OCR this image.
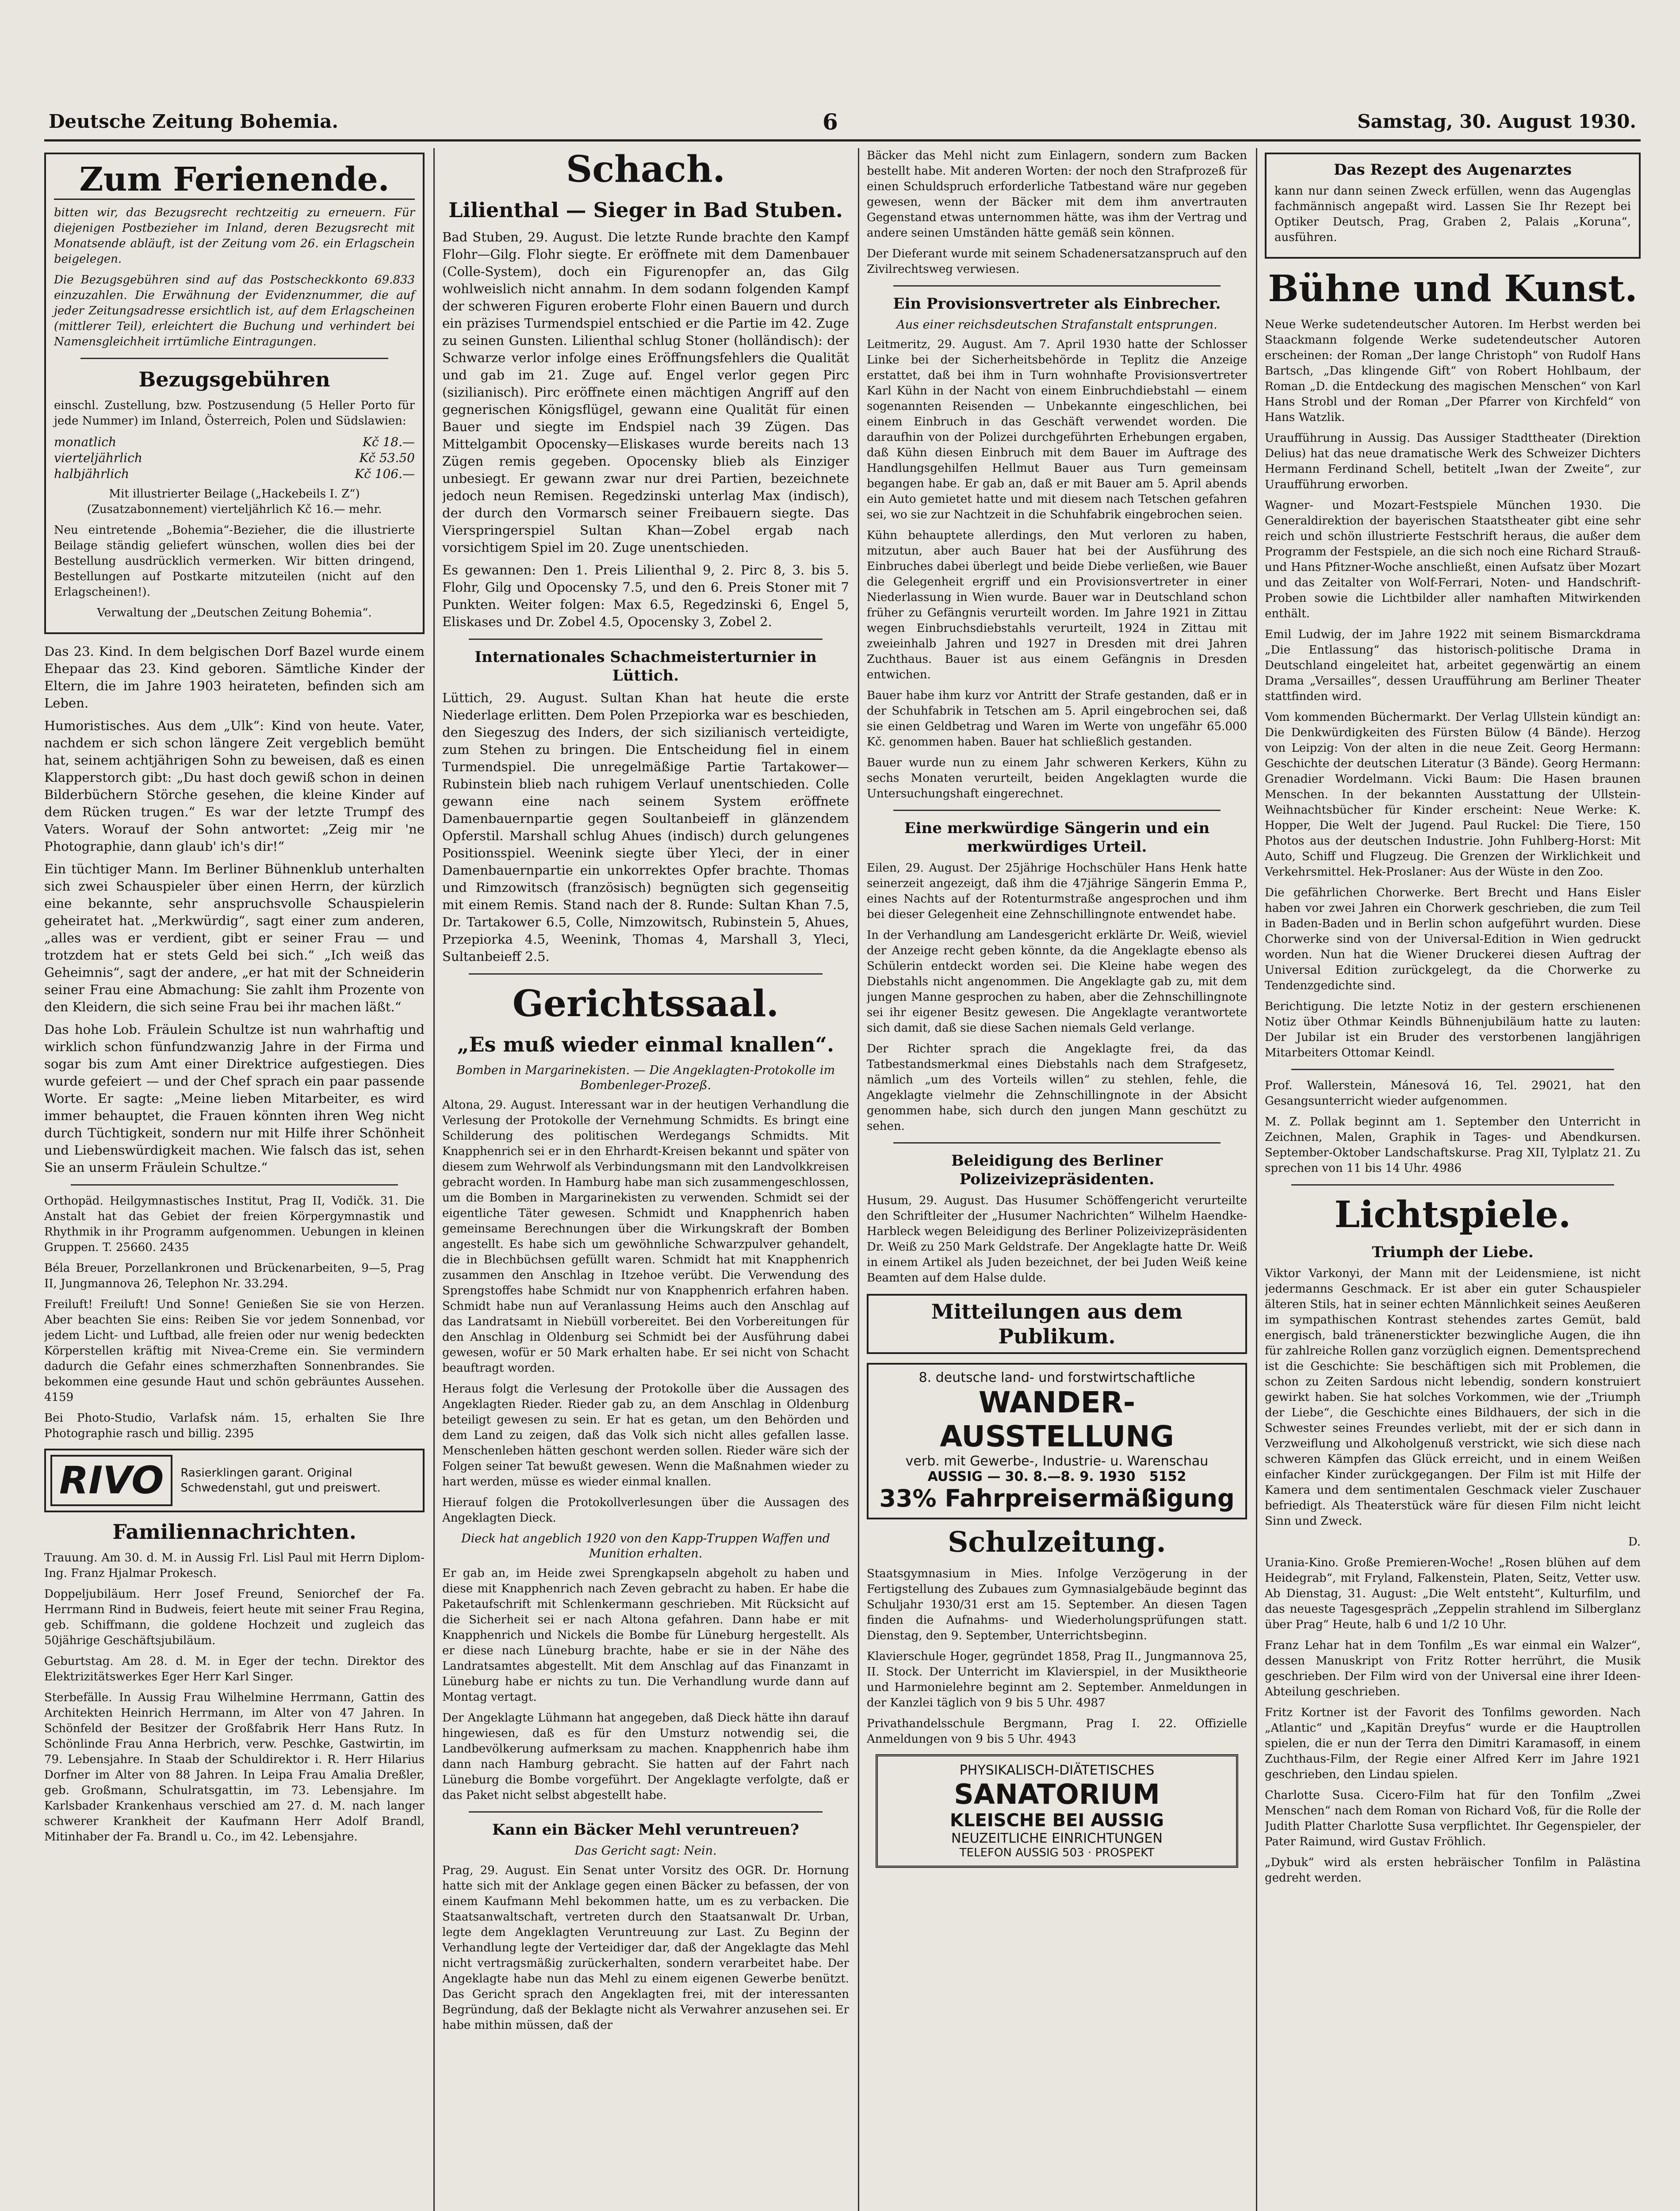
Deutsche Zeitung Bohemia.	6	Samstag, 30. August 1930.
Zum Ferienende.

bitten wir, das Bezugsrecht rechtzeitig zu erneuern. Für diejenigen Postbezieher im Inland, deren Bezugsrecht mit Monatsende abläuft, ist der Zeitung vom 26. ein Erlagschein beigelegen.

Die Bezugsgebühren sind auf das Postscheckkonto 69.833 einzuzahlen. Die Erwähnung der Evidenznummer, die auf jeder Zeitungsadresse ersichtlich ist, auf dem Erlagscheinen (mittlerer Teil), erleichtert die Buchung und verhindert bei Namensgleichheit irrtümliche Eintragungen.

Bezugsgebühren

einschl. Zustellung, bzw. Postzusendung (5 Heller Porto für jede Nummer) im Inland, Österreich, Polen und Südslawien:

monatlich	Kč 18.—
vierteljährlich	Kč 53.50
halbjährlich	Kč 106.—

Mit illustrierter Beilage („Hackebeils I. Z“) (Zusatzabonnement) vierteljährlich Kč 16.— mehr.

Neu eintretende „Bohemia“-Bezieher, die die illustrierte Beilage ständig geliefert wünschen, wollen dies bei der Bestellung ausdrücklich vermerken. Wir bitten dringend, Bestellungen auf Postkarte mitzuteilen (nicht auf den Erlagscheinen!).

Verwaltung der „Deutschen Zeitung Bohemia“.

Das 23. Kind. In dem belgischen Dorf Bazel wurde einem Ehepaar das 23. Kind geboren. Sämtliche Kinder der Eltern, die im Jahre 1903 heirateten, befinden sich am Leben.

Humoristisches. Aus dem „Ulk“: Kind von heute. Vater, nachdem er sich schon längere Zeit vergeblich bemüht hat, seinem achtjährigen Sohn zu beweisen, daß es einen Klapperstorch gibt: „Du hast doch gewiß schon in deinen Bilderbüchern Störche gesehen, die kleine Kinder auf dem Rücken trugen.“ Es war der letzte Trumpf des Vaters. Worauf der Sohn antwortet: „Zeig mir 'ne Photographie, dann glaub' ich's dir!“

Ein tüchtiger Mann. Im Berliner Bühnenklub unterhalten sich zwei Schauspieler über einen Herrn, der kürzlich eine bekannte, sehr anspruchsvolle Schauspielerin geheiratet hat. „Merkwürdig“, sagt einer zum anderen, „alles was er verdient, gibt er seiner Frau — und trotzdem hat er stets Geld bei sich.“ „Ich weiß das Geheimnis“, sagt der andere, „er hat mit der Schneiderin seiner Frau eine Abmachung: Sie zahlt ihm Prozente von den Kleidern, die sich seine Frau bei ihr machen läßt.“

Das hohe Lob. Fräulein Schultze ist nun wahrhaftig und wirklich schon fünfundzwanzig Jahre in der Firma und sogar bis zum Amt einer Direktrice aufgestiegen. Dies wurde gefeiert — und der Chef sprach ein paar passende Worte. Er sagte: „Meine lieben Mitarbeiter, es wird immer behauptet, die Frauen könnten ihren Weg nicht durch Tüchtigkeit, sondern nur mit Hilfe ihrer Schönheit und Liebenswürdigkeit machen. Wie falsch das ist, sehen Sie an unserm Fräulein Schultze.“

Orthopäd. Heilgymnastisches Institut, Prag II, Vodičk. 31. Die Anstalt hat das Gebiet der freien Körpergymnastik und Rhythmik in ihr Programm aufgenommen. Uebungen in kleinen Gruppen. T. 25660. 2435

Béla Breuer, Porzellankronen und Brückenarbeiten, 9—5, Prag II, Jungmannova 26, Telephon Nr. 33.294.

Freiluft! Freiluft! Und Sonne! Genießen Sie sie von Herzen. Aber beachten Sie eins: Reiben Sie vor jedem Sonnenbad, vor jedem Licht- und Luftbad, alle freien oder nur wenig bedeckten Körperstellen kräftig mit Nivea-Creme ein. Sie vermindern dadurch die Gefahr eines schmerzhaften Sonnenbrandes. Sie bekommen eine gesunde Haut und schön gebräuntes Aussehen. 4159

Bei Photo-Studio, Varlafsk nám. 15, erhalten Sie Ihre Photographie rasch und billig. 2395

RIVO	Rasierklingen garant. Original Schwedenstahl, gut und preiswert.
Familiennachrichten.

Trauung. Am 30. d. M. in Aussig Frl. Lisl Paul mit Herrn Diplom-Ing. Franz Hjalmar Prokesch.

Doppeljubiläum. Herr Josef Freund, Seniorchef der Fa. Herrmann Rind in Budweis, feiert heute mit seiner Frau Regina, geb. Schiffmann, die goldene Hochzeit und zugleich das 50jährige Geschäftsjubiläum.

Geburtstag. Am 28. d. M. in Eger der techn. Direktor des Elektrizitätswerkes Eger Herr Karl Singer.

Sterbefälle. In Aussig Frau Wilhelmine Herrmann, Gattin des Architekten Heinrich Herrmann, im Alter von 47 Jahren. In Schönfeld der Besitzer der Großfabrik Herr Hans Rutz. In Schönlinde Frau Anna Herbrich, verw. Peschke, Gastwirtin, im 79. Lebensjahre. In Staab der Schuldirektor i. R. Herr Hilarius Dorfner im Alter von 88 Jahren. In Leipa Frau Amalia Dreßler, geb. Großmann, Schulratsgattin, im 73. Lebensjahre. Im Karlsbader Krankenhaus verschied am 27. d. M. nach langer schwerer Krankheit der Kaufmann Herr Adolf Brandl, Mitinhaber der Fa. Brandl u. Co., im 42. Lebensjahre.

Schach.
Lilienthal — Sieger in Bad Stuben.

Bad Stuben, 29. August. Die letzte Runde brachte den Kampf Flohr—Gilg. Flohr siegte. Er eröffnete mit dem Damenbauer (Colle-System), doch ein Figurenopfer an, das Gilg wohlweislich nicht annahm. In dem sodann folgenden Kampf der schweren Figuren eroberte Flohr einen Bauern und durch ein präzises Turmendspiel entschied er die Partie im 42. Zuge zu seinen Gunsten. Lilienthal schlug Stoner (holländisch): der Schwarze verlor infolge eines Eröffnungsfehlers die Qualität und gab im 21. Zuge auf. Engel verlor gegen Pirc (sizilianisch). Pirc eröffnete einen mächtigen Angriff auf den gegnerischen Königsflügel, gewann eine Qualität für einen Bauer und siegte im Endspiel nach 39 Zügen. Das Mittelgambit Opocensky—Eliskases wurde bereits nach 13 Zügen remis gegeben. Opocensky blieb als Einziger unbesiegt. Er gewann zwar nur drei Partien, bezeichnete jedoch neun Remisen. Regedzinski unterlag Max (indisch), der durch den Vormarsch seiner Freibauern siegte. Das Vierspringerspiel Sultan Khan—Zobel ergab nach vorsichtigem Spiel im 20. Zuge unentschieden.

Es gewannen: Den 1. Preis Lilienthal 9, 2. Pirc 8, 3. bis 5. Flohr, Gilg und Opocensky 7.5, und den 6. Preis Stoner mit 7 Punkten. Weiter folgen: Max 6.5, Regedzinski 6, Engel 5, Eliskases und Dr. Zobel 4.5, Opocensky 3, Zobel 2.

Internationales Schachmeisterturnier in Lüttich.

Lüttich, 29. August. Sultan Khan hat heute die erste Niederlage erlitten. Dem Polen Przepiorka war es beschieden, den Siegeszug des Inders, der sich sizilianisch verteidigte, zum Stehen zu bringen. Die Entscheidung fiel in einem Turmendspiel. Die unregelmäßige Partie Tartakower—Rubinstein blieb nach ruhigem Verlauf unentschieden. Colle gewann eine nach seinem System eröffnete Damenbauernpartie gegen Soultanbeieff in glänzendem Opferstil. Marshall schlug Ahues (indisch) durch gelungenes Positionsspiel. Weenink siegte über Yleci, der in einer Damenbauernpartie ein unkorrektes Opfer brachte. Thomas und Rimzowitsch (französisch) begnügten sich gegenseitig mit einem Remis. Stand nach der 8. Runde: Sultan Khan 7.5, Dr. Tartakower 6.5, Colle, Nimzowitsch, Rubinstein 5, Ahues, Przepiorka 4.5, Weenink, Thomas 4, Marshall 3, Yleci, Sultanbeieff 2.5.

Gerichtssaal.
„Es muß wieder einmal knallen“.
Bomben in Margarinekisten. — Die Angeklagten-Protokolle im Bombenleger-Prozeß.

Altona, 29. August. Interessant war in der heutigen Verhandlung die Verlesung der Protokolle der Vernehmung Schmidts. Es bringt eine Schilderung des politischen Werdegangs Schmidts. Mit Knapphenrich sei er in den Ehrhardt-Kreisen bekannt und später von diesem zum Wehrwolf als Verbindungsmann mit den Landvolkkreisen gebracht worden. In Hamburg habe man sich zusammengeschlossen, um die Bomben in Margarinekisten zu verwenden. Schmidt sei der eigentliche Täter gewesen. Schmidt und Knapphenrich haben gemeinsame Berechnungen über die Wirkungskraft der Bomben angestellt. Es habe sich um gewöhnliche Schwarzpulver gehandelt, die in Blechbüchsen gefüllt waren. Schmidt hat mit Knapphenrich zusammen den Anschlag in Itzehoe verübt. Die Verwendung des Sprengstoffes habe Schmidt nur von Knapphenrich erfahren haben. Schmidt habe nun auf Veranlassung Heims auch den Anschlag auf das Landratsamt in Niebüll vorbereitet. Bei den Vorbereitungen für den Anschlag in Oldenburg sei Schmidt bei der Ausführung dabei gewesen, wofür er 50 Mark erhalten habe. Er sei nicht von Schacht beauftragt worden.

Heraus folgt die Verlesung der Protokolle über die Aussagen des Angeklagten Rieder. Rieder gab zu, an dem Anschlag in Oldenburg beteiligt gewesen zu sein. Er hat es getan, um den Behörden und dem Land zu zeigen, daß das Volk sich nicht alles gefallen lasse. Menschenleben hätten geschont werden sollen. Rieder wäre sich der Folgen seiner Tat bewußt gewesen. Wenn die Maßnahmen wieder zu hart werden, müsse es wieder einmal knallen.

Hierauf folgen die Protokollverlesungen über die Aussagen des Angeklagten Dieck.

Dieck hat angeblich 1920 von den Kapp-Truppen Waffen und Munition erhalten.

Er gab an, im Heide zwei Sprengkapseln abgeholt zu haben und diese mit Knapphenrich nach Zeven gebracht zu haben. Er habe die Paketaufschrift mit Schlenkermann geschrieben. Mit Rücksicht auf die Sicherheit sei er nach Altona gefahren. Dann habe er mit Knapphenrich und Nickels die Bombe für Lüneburg hergestellt. Als er diese nach Lüneburg brachte, habe er sie in der Nähe des Landratsamtes abgestellt. Mit dem Anschlag auf das Finanzamt in Lüneburg habe er nichts zu tun. Die Verhandlung wurde dann auf Montag vertagt.

Der Angeklagte Lühmann hat angegeben, daß Dieck hätte ihn darauf hingewiesen, daß es für den Umsturz notwendig sei, die Landbevölkerung aufmerksam zu machen. Knapphenrich habe ihm dann nach Hamburg gebracht. Sie hatten auf der Fahrt nach Lüneburg die Bombe vorgeführt. Der Angeklagte verfolgte, daß er das Paket nicht selbst abgestellt habe.

Kann ein Bäcker Mehl veruntreuen?
Das Gericht sagt: Nein.

Prag, 29. August. Ein Senat unter Vorsitz des OGR. Dr. Hornung hatte sich mit der Anklage gegen einen Bäcker zu befassen, der von einem Kaufmann Mehl bekommen hatte, um es zu verbacken. Die Staatsanwaltschaft, vertreten durch den Staatsanwalt Dr. Urban, legte dem Angeklagten Veruntreuung zur Last. Zu Beginn der Verhandlung legte der Verteidiger dar, daß der Angeklagte das Mehl nicht vertragsmäßig zurückerhalten, sondern verarbeitet habe. Der Angeklagte habe nun das Mehl zu einem eigenen Gewerbe benützt. Das Gericht sprach den Angeklagten frei, mit der interessanten Begründung, daß der Beklagte nicht als Verwahrer anzusehen sei. Er habe mithin müssen, daß der

Bäcker das Mehl nicht zum Einlagern, sondern zum Backen bestellt habe. Mit anderen Worten: der noch den Strafprozeß für einen Schuldspruch erforderliche Tatbestand wäre nur gegeben gewesen, wenn der Bäcker mit dem ihm anvertrauten Gegenstand etwas unternommen hätte, was ihm der Vertrag und andere seinen Umständen hätte gemäß sein können.

Der Dieferant wurde mit seinem Schadenersatzanspruch auf den Zivilrechtsweg verwiesen.

Ein Provisionsvertreter als Einbrecher.
Aus einer reichsdeutschen Strafanstalt entsprungen.

Leitmeritz, 29. August. Am 7. April 1930 hatte der Schlosser Linke bei der Sicherheitsbehörde in Teplitz die Anzeige erstattet, daß bei ihm in Turn wohnhafte Provisionsvertreter Karl Kühn in der Nacht von einem Einbruchdiebstahl — einem sogenannten Reisenden — Unbekannte eingeschlichen, bei einem Einbruch in das Geschäft verwendet worden. Die daraufhin von der Polizei durchgeführten Erhebungen ergaben, daß Kühn diesen Einbruch mit dem Bauer im Auftrage des Handlungsgehilfen Hellmut Bauer aus Turn gemeinsam begangen habe. Er gab an, daß er mit Bauer am 5. April abends ein Auto gemietet hatte und mit diesem nach Tetschen gefahren sei, wo sie zur Nachtzeit in die Schuhfabrik eingebrochen seien.

Kühn behauptete allerdings, den Mut verloren zu haben, mitzutun, aber auch Bauer hat bei der Ausführung des Einbruches dabei überlegt und beide Diebe verließen, wie Bauer die Gelegenheit ergriff und ein Provisionsvertreter in einer Niederlassung in Wien wurde. Bauer war in Deutschland schon früher zu Gefängnis verurteilt worden. Im Jahre 1921 in Zittau wegen Einbruchsdiebstahls verurteilt, 1924 in Zittau mit zweieinhalb Jahren und 1927 in Dresden mit drei Jahren Zuchthaus. Bauer ist aus einem Gefängnis in Dresden entwichen.

Bauer habe ihm kurz vor Antritt der Strafe gestanden, daß er in der Schuhfabrik in Tetschen am 5. April eingebrochen sei, daß sie einen Geldbetrag und Waren im Werte von ungefähr 65.000 Kč. genommen haben. Bauer hat schließlich gestanden.

Bauer wurde nun zu einem Jahr schweren Kerkers, Kühn zu sechs Monaten verurteilt, beiden Angeklagten wurde die Untersuchungshaft eingerechnet.

Eine merkwürdige Sängerin und ein merkwürdiges Urteil.

Eilen, 29. August. Der 25jährige Hochschüler Hans Henk hatte seinerzeit angezeigt, daß ihm die 47jährige Sängerin Emma P., eines Nachts auf der Rotenturmstraße angesprochen und ihm bei dieser Gelegenheit eine Zehnschillingnote entwendet habe.

In der Verhandlung am Landesgericht erklärte Dr. Weiß, wieviel der Anzeige recht geben könnte, da die Angeklagte ebenso als Schülerin entdeckt worden sei. Die Kleine habe wegen des Diebstahls nicht angenommen. Die Angeklagte gab zu, mit dem jungen Manne gesprochen zu haben, aber die Zehnschillingnote sei ihr eigener Besitz gewesen. Die Angeklagte verantwortete sich damit, daß sie diese Sachen niemals Geld verlange.

Der Richter sprach die Angeklagte frei, da das Tatbestandsmerkmal eines Diebstahls nach dem Strafgesetz, nämlich „um des Vorteils willen“ zu stehlen, fehle, die Angeklagte vielmehr die Zehnschillingnote in der Absicht genommen habe, sich durch den jungen Mann geschützt zu sehen.

Beleidigung des Berliner Polizeivizepräsidenten.

Husum, 29. August. Das Husumer Schöffengericht verurteilte den Schriftleiter der „Husumer Nachrichten“ Wilhelm Haendke-Harbleck wegen Beleidigung des Berliner Polizeivizepräsidenten Dr. Weiß zu 250 Mark Geldstrafe. Der Angeklagte hatte Dr. Weiß in einem Artikel als Juden bezeichnet, der bei Juden Weiß keine Beamten auf dem Halse dulde.

Mitteilungen aus dem Publikum.
8. deutsche land- und forstwirtschaftliche
WANDER-AUSSTELLUNG
verb. mit Gewerbe-, Industrie- u. Warenschau
AUSSIG — 30. 8.—8. 9. 1930 5152
33% Fahrpreisermäßigung
Schulzeitung.

Staatsgymnasium in Mies. Infolge Verzögerung in der Fertigstellung des Zubaues zum Gymnasialgebäude beginnt das Schuljahr 1930/31 erst am 15. September. An diesen Tagen finden die Aufnahms- und Wiederholungsprüfungen statt. Dienstag, den 9. September, Unterrichtsbeginn.

Klavierschule Hoger, gegründet 1858, Prag II., Jungmannova 25, II. Stock. Der Unterricht im Klavierspiel, in der Musiktheorie und Harmonielehre beginnt am 2. September. Anmeldungen in der Kanzlei täglich von 9 bis 5 Uhr. 4987

Privathandelsschule Bergmann, Prag I. 22. Offizielle Anmeldungen von 9 bis 5 Uhr. 4943

PHYSIKALISCH-DIÄTETISCHES
SANATORIUM
KLEISCHE BEI AUSSIG
NEUZEITLICHE EINRICHTUNGEN
TELEFON AUSSIG 503 · PROSPEKT
Das Rezept des Augenarztes

kann nur dann seinen Zweck erfüllen, wenn das Augenglas fachmännisch angepaßt wird. Lassen Sie Ihr Rezept bei Optiker Deutsch, Prag, Graben 2, Palais „Koruna“, ausführen.

Bühne und Kunst.

Neue Werke sudetendeutscher Autoren. Im Herbst werden bei Staackmann folgende Werke sudetendeutscher Autoren erscheinen: der Roman „Der lange Christoph“ von Rudolf Hans Bartsch, „Das klingende Gift“ von Robert Hohlbaum, der Roman „D. die Entdeckung des magischen Menschen“ von Karl Hans Strobl und der Roman „Der Pfarrer von Kirchfeld“ von Hans Watzlik.

Uraufführung in Aussig. Das Aussiger Stadttheater (Direktion Delius) hat das neue dramatische Werk des Schweizer Dichters Hermann Ferdinand Schell, betitelt „Iwan der Zweite“, zur Uraufführung erworben.

Wagner- und Mozart-Festspiele München 1930. Die Generaldirektion der bayerischen Staatstheater gibt eine sehr reich und schön illustrierte Festschrift heraus, die außer dem Programm der Festspiele, an die sich noch eine Richard Strauß- und Hans Pfitzner-Woche anschließt, einen Aufsatz über Mozart und das Zeitalter von Wolf-Ferrari, Noten- und Handschrift-Proben sowie die Lichtbilder aller namhaften Mitwirkenden enthält.

Emil Ludwig, der im Jahre 1922 mit seinem Bismarckdrama „Die Entlassung“ das historisch-politische Drama in Deutschland eingeleitet hat, arbeitet gegenwärtig an einem Drama „Versailles“, dessen Uraufführung am Berliner Theater stattfinden wird.

Vom kommenden Büchermarkt. Der Verlag Ullstein kündigt an: Die Denkwürdigkeiten des Fürsten Bülow (4 Bände). Herzog von Leipzig: Von der alten in die neue Zeit. Georg Hermann: Geschichte der deutschen Literatur (3 Bände). Georg Hermann: Grenadier Wordelmann. Vicki Baum: Die Hasen braunen Menschen. In der bekannten Ausstattung der Ullstein-Weihnachtsbücher für Kinder erscheint: Neue Werke: K. Hopper, Die Welt der Jugend. Paul Ruckel: Die Tiere, 150 Photos aus der deutschen Industrie. John Fuhlberg-Horst: Mit Auto, Schiff und Flugzeug. Die Grenzen der Wirklichkeit und Verkehrsmittel. Hek-Proslaner: Aus der Wüste in den Zoo.

Die gefährlichen Chorwerke. Bert Brecht und Hans Eisler haben vor zwei Jahren ein Chorwerk geschrieben, die zum Teil in Baden-Baden und in Berlin schon aufgeführt wurden. Diese Chorwerke sind von der Universal-Edition in Wien gedruckt worden. Nun hat die Wiener Druckerei diesen Auftrag der Universal Edition zurückgelegt, da die Chorwerke zu Tendenzgedichte sind.

Berichtigung. Die letzte Notiz in der gestern erschienenen Notiz über Othmar Keindls Bühnenjubiläum hatte zu lauten: Der Jubilar ist ein Bruder des verstorbenen langjährigen Mitarbeiters Ottomar Keindl.

Prof. Wallerstein, Mánesová 16, Tel. 29021, hat den Gesangsunterricht wieder aufgenommen.

M. Z. Pollak beginnt am 1. September den Unterricht in Zeichnen, Malen, Graphik in Tages- und Abendkursen. September-Oktober Landschaftskurse. Prag XII, Tylplatz 21. Zu sprechen von 11 bis 14 Uhr. 4986

Lichtspiele.
Triumph der Liebe.

Viktor Varkonyi, der Mann mit der Leidensmiene, ist nicht jedermanns Geschmack. Er ist aber ein guter Schauspieler älteren Stils, hat in seiner echten Männlichkeit seines Aeußeren im sympathischen Kontrast stehendes zartes Gemüt, bald energisch, bald tränenerstickter bezwingliche Augen, die ihn für zahlreiche Rollen ganz vorzüglich eignen. Dementsprechend ist die Geschichte: Sie beschäftigen sich mit Problemen, die schon zu Zeiten Sardous nicht lebendig, sondern konstruiert gewirkt haben. Sie hat solches Vorkommen, wie der „Triumph der Liebe“, die Geschichte eines Bildhauers, der sich in die Schwester seines Freundes verliebt, mit der er sich dann in Verzweiflung und Alkoholgenuß verstrickt, wie sich diese nach schweren Kämpfen das Glück erreicht, und in einem Weißen einfacher Kinder zurückgegangen. Der Film ist mit Hilfe der Kamera und dem sentimentalen Geschmack vieler Zuschauer befriedigt. Als Theaterstück wäre für diesen Film nicht leicht Sinn und Zweck.

D.

Urania-Kino. Große Premieren-Woche! „Rosen blühen auf dem Heidegrab“, mit Fryland, Falkenstein, Platen, Seitz, Vetter usw. Ab Dienstag, 31. August: „Die Welt entsteht“, Kulturfilm, und das neueste Tagesgespräch „Zeppelin strahlend im Silberglanz über Prag“ Heute, halb 6 und 1/2 10 Uhr.

Franz Lehar hat in dem Tonfilm „Es war einmal ein Walzer“, dessen Manuskript von Fritz Rotter herrührt, die Musik geschrieben. Der Film wird von der Universal eine ihrer Ideen-Abteilung geschrieben.

Fritz Kortner ist der Favorit des Tonfilms geworden. Nach „Atlantic“ und „Kapitän Dreyfus“ wurde er die Hauptrollen spielen, die er nun der Terra den Dimitri Karamasoff, in einem Zuchthaus-Film, der Regie einer Alfred Kerr im Jahre 1921 geschrieben, den Lindau spielen.

Charlotte Susa. Cicero-Film hat für den Tonfilm „Zwei Menschen“ nach dem Roman von Richard Voß, für die Rolle der Judith Platter Charlotte Susa verpflichtet. Ihr Gegenspieler, der Pater Raimund, wird Gustav Fröhlich.

„Dybuk“ wird als ersten hebräischer Tonfilm in Palästina gedreht werden.
